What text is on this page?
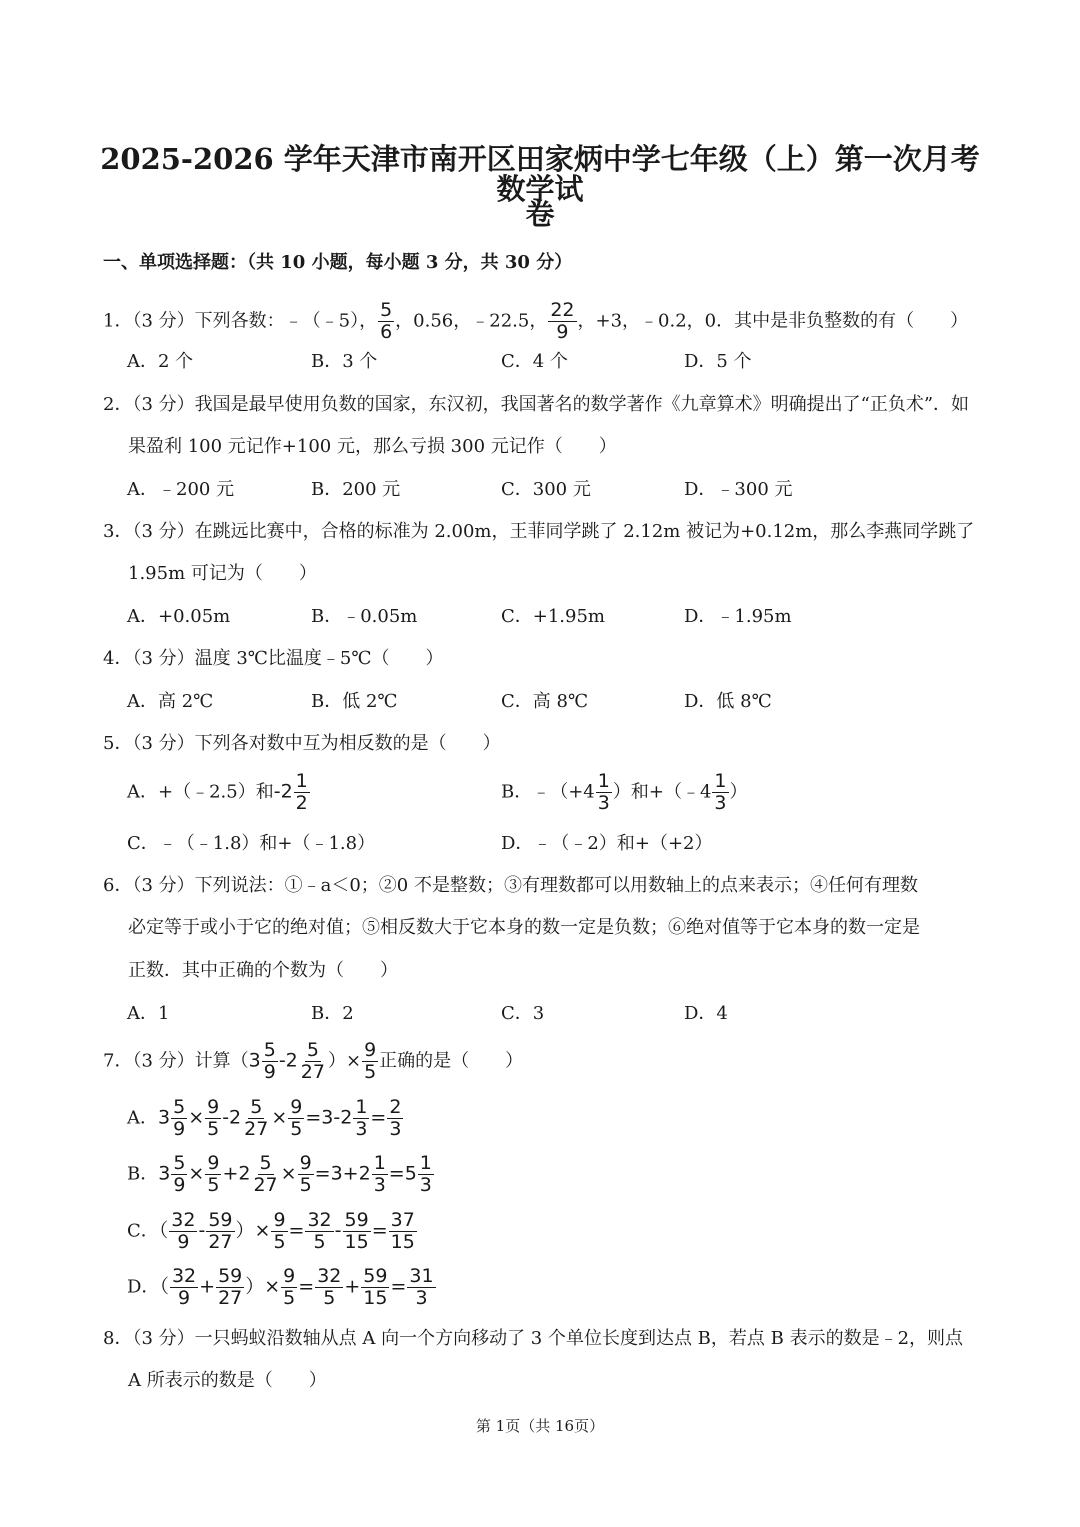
2025-2026 学年天津市南开区田家炳中学七年级（上）第一次月考数学试
卷
一、单项选择题：（共 10 小题，每小题 3 分，共 30 分）
1．（3 分）下列各数：﹣（﹣5）， $\frac{5}{6}$ ，0.56，﹣22.5， $\frac{22}{9}$ ，+3，﹣0.2，0．其中是非负整数的有（　　）
A．2 个	B．3 个	C．4 个	D．5 个
2．（3 分）我国是最早使用负数的国家，东汉初，我国著名的数学著作《九章算术》明确提出了“正负术”．如
果盈利 100 元记作+100 元，那么亏损 300 元记作（　　）
A．﹣200 元	B．200 元	C．300 元	D．﹣300 元
3．（3 分）在跳远比赛中，合格的标准为 2.00m，王菲同学跳了 2.12m 被记为+0.12m，那么李燕同学跳了
1.95m 可记为（　　）
A．+0.05m	B．﹣0.05m	C．+1.95m	D．﹣1.95m
4．（3 分）温度 3℃比温度﹣5℃（　　）
A．高 2℃	B．低 2℃	C．高 8℃	D．低 8℃
5．（3 分）下列各对数中互为相反数的是（　　）
A．+（﹣2.5）和$-2 \frac{1}{2}$	B．﹣（+4 $\frac{1}{3}$ ）和+（﹣4 $\frac{1}{3}$ ）
C．﹣（﹣1.8）和+（﹣1.8）	D．﹣（﹣2）和+（+2）
6．（3 分）下列说法：①﹣a＜0；②0 不是整数；③有理数都可以用数轴上的点来表示；④任何有理数
必定等于或小于它的绝对值；⑤相反数大于它本身的数一定是负数；⑥绝对值等于它本身的数一定是
正数．其中正确的个数为（　　）
A．1	B．2	C．3	D．4
7．（3 分）计算（$3 \frac{5}{9} -2 \frac{5}{27}$ ）× $\frac{9}{5}$ 正确的是（　　）
A．$3 \frac{5}{9} \times \frac{9}{5} -2 \frac{5}{27} \times \frac{9}{5} =3-2 \frac{1}{3} = \frac{2}{3}$
B．$3 \frac{5}{9} \times \frac{9}{5} +2 \frac{5}{27} \times \frac{9}{5} =3+2 \frac{1}{3} =5 \frac{1}{3}$
C．（ $\frac{32}{9} - \frac{59}{27}$ ）× $\frac{9}{5} = \frac{32}{5} - \frac{59}{15} = \frac{37}{15}$
D．（ $\frac{32}{9} + \frac{59}{27}$ ）× $\frac{9}{5} = \frac{32}{5} + \frac{59}{15} = \frac{31}{3}$
8．（3 分）一只蚂蚁沿数轴从点 A 向一个方向移动了 3 个单位长度到达点 B，若点 B 表示的数是﹣2，则点
A 所表示的数是（　　）
第 1页（共 16页）
